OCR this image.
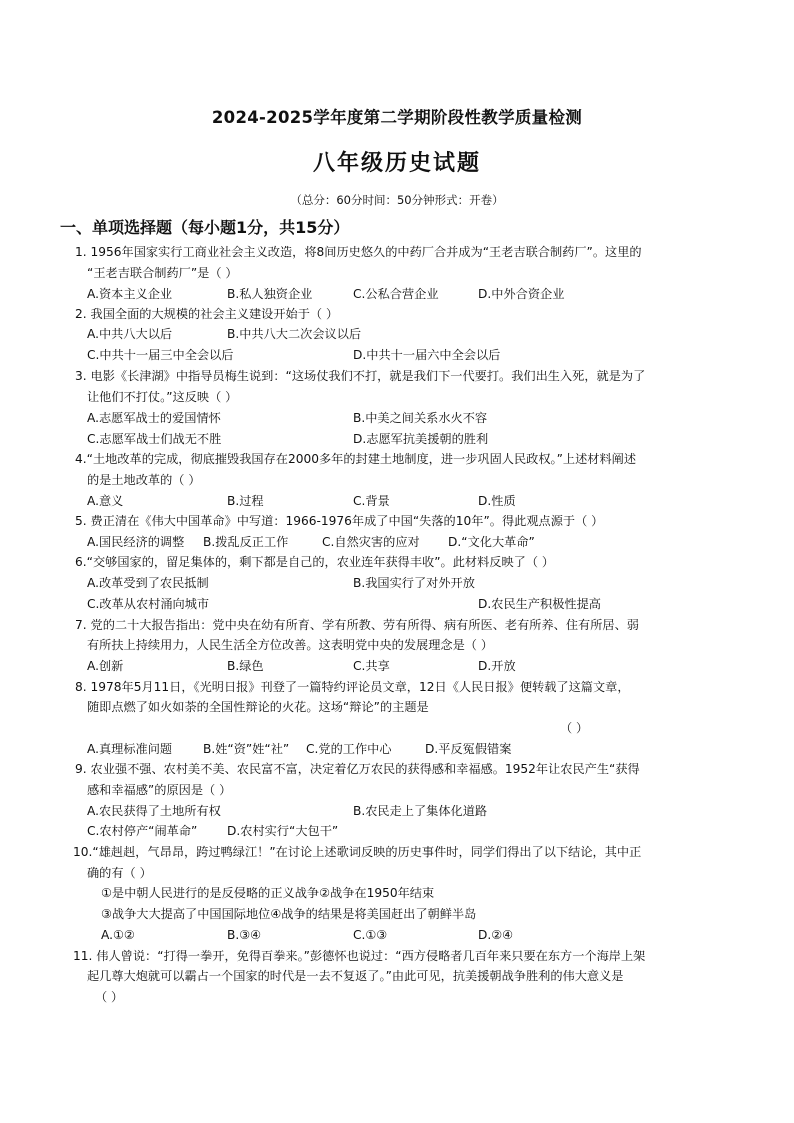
2024-2025学年度第二学期阶段性教学质量检测
八年级历史试题
（总分：60分时间：50分钟形式：开卷）
一、单项选择题（每小题1分，共15分）
1. 1956年国家实行工商业社会主义改造，将8间历史悠久的中药厂合并成为“王老吉联合制药厂”。这里的
“王老吉联合制药厂”是（ ）
A.资本主义企业	B.私人独资企业	C.公私合营企业	D.中外合资企业
2. 我国全面的大规模的社会主义建设开始于（ ）
A.中共八大以后	B.中共八大二次会议以后
C.中共十一届三中全会以后	D.中共十一届六中全会以后
3. 电影《长津湖》中指导员梅生说到：“这场仗我们不打，就是我们下一代要打。我们出生入死，就是为了
让他们不打仗。”这反映（ ）
A.志愿军战士的爱国情怀	B.中美之间关系水火不容
C.志愿军战士们战无不胜	D.志愿军抗美援朝的胜利
4.“土地改革的完成，彻底摧毁我国存在2000多年的封建土地制度，进一步巩固人民政权。”上述材料阐述
的是土地改革的（ ）
A.意义	B.过程	C.背景	D.性质
5. 费正清在《伟大中国革命》中写道：1966-1976年成了中国“失落的10年”。得此观点源于（ ）
A.国民经济的调整 B.拨乱反正工作	C.自然灾害的应对 D.“文化大革命”
6.“交够国家的，留足集体的，剩下都是自己的，农业连年获得丰收”。此材料反映了（ ）
A.改革受到了农民抵制	B.我国实行了对外开放
C.改革从农村涌向城市	D.农民生产积极性提高
7. 党的二十大报告指出：党中央在幼有所育、学有所教、劳有所得、病有所医、老有所养、住有所居、弱
有所扶上持续用力，人民生活全方位改善。这表明党中央的发展理念是（ ）
A.创新	B.绿色	C.共享	D.开放
8. 1978年5月11日，《光明日报》刊登了一篇特约评论员文章，12日《人民日报》便转载了这篇文章，
随即点燃了如火如荼的全国性辩论的火花。这场“辩论”的主题是
（ ）
A.真理标准问题	B.姓“资”姓“社” C.党的工作中心	D.平反冤假错案
9. 农业强不强、农村美不美、农民富不富，决定着亿万农民的获得感和幸福感。1952年让农民产生“获得
感和幸福感”的原因是（ ）
A.农民获得了土地所有权	B.农民走上了集体化道路
C.农村停产“闹革命” D.农村实行“大包干”
10.“雄赳赳，气昂昂，跨过鸭绿江！”在讨论上述歌词反映的历史事件时，同学们得出了以下结论，其中正
确的有（ ）
①是中朝人民进行的是反侵略的正义战争②战争在1950年结束
③战争大大提高了中国国际地位④战争的结果是将美国赶出了朝鲜半岛
A.①②	B.③④	C.①③	D.②④
11. 伟人曾说：“打得一拳开，免得百拳来。”彭德怀也说过：“西方侵略者几百年来只要在东方一个海岸上架
起几尊大炮就可以霸占一个国家的时代是一去不复返了。”由此可见，抗美援朝战争胜利的伟大意义是
（ ）
